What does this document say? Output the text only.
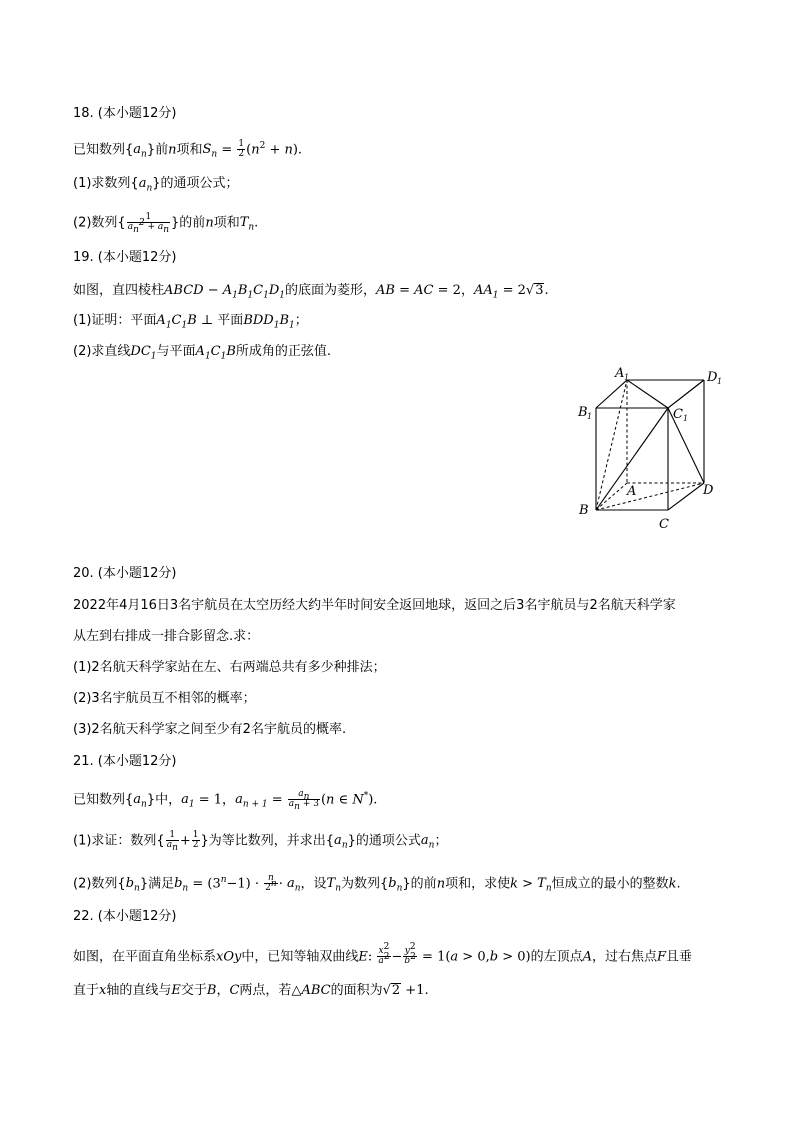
18. (本小题12分)
已知数列$\{a_n\}$前n项和$S_n = \frac{1}{2} (n^2 + n)$.
(1)求数列$\{a_n\}$的通项公式；
(2)数列{ $\frac{1}{a_n^2 + a_n}$ }的前n项和$T_n$.
19. (本小题12分)
如图，直四棱柱ABCD − $A_1B_1C_1D_1$的底面为菱形，AB = AC = 2，$AA_1 = 2√3$.
(1)证明：平面$A_1C_1B$ ⊥ 平面$BDD_1B_1$；
(2)求直线$DC_1$与平面$A_1C_1B$所成角的正弦值.
A 1	D 1
B 1	C 1
A	D
B
C
20. (本小题12分)
2022年4月16日3名宇航员在太空历经大约半年时间安全返回地球，返回之后3名宇航员与2名航天科学家
从左到右排成一排合影留念.求：
(1)2名航天科学家站在左、右两端总共有多少种排法；
(2)3名宇航员互不相邻的概率；
(3)2名航天科学家之间至少有2名宇航员的概率.
21. (本小题12分)
已知数列$\{a_n\}$中，$a_1 = 1$，$a_{n + 1} = \frac{a_n}{a_n + 3} (n$ ∈ N*).
(1)求证：数列{ $\frac{1}{a_n} + \frac{1}{2}$ }为等比数列，并求出$\{a_n\}$的通项公式$a_n$；
(2)数列$\{b_n\}$满足$b_n = (3^n-1) \cdot \frac{n}{2^n} \cdot a_n$，设$T_n$为数列$\{b_n\}$的前n项和，求使$k > T_n$恒成立的最小的整数k.
22. (本小题12分)
如图，在平面直角坐标系xOy中，已知等轴双曲线E: $\frac{x^2}{a^2} - \frac{y^2}{b^2} = 1(a > 0,b > 0)$的左顶点A，过右焦点F且垂
直于x轴的直线与E交于B，C两点，若△ABC的面积为√2 +1.
